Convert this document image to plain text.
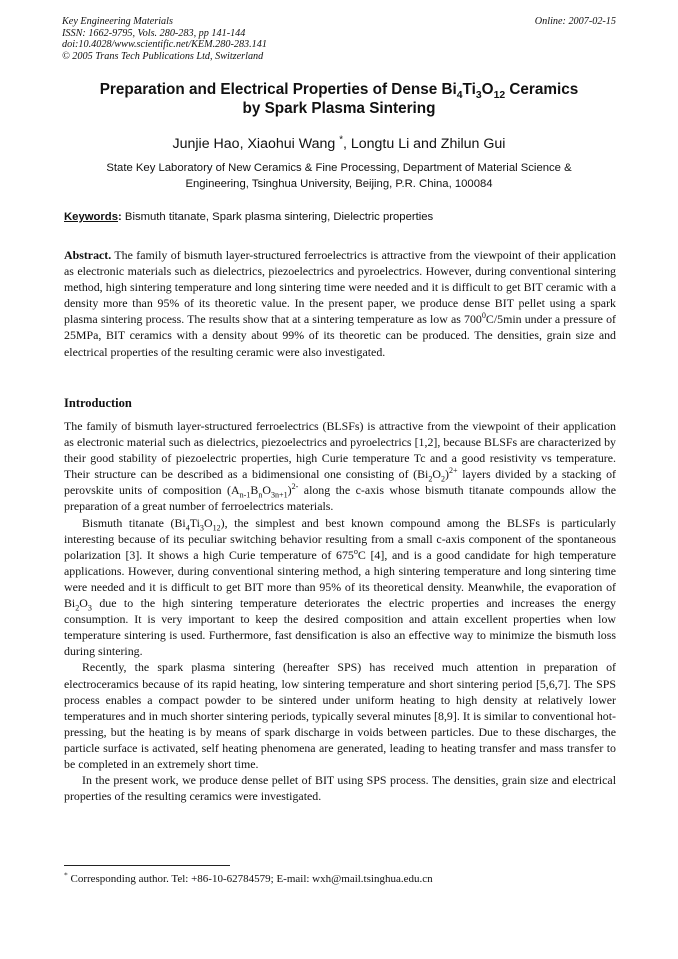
Key Engineering Materials
ISSN: 1662-9795, Vols. 280-283, pp 141-144
doi:10.4028/www.scientific.net/KEM.280-283.141
© 2005 Trans Tech Publications Ltd, Switzerland
Online: 2007-02-15
Preparation and Electrical Properties of Dense $Bi_4Ti_3O_{12}$ Ceramics
by Spark Plasma Sintering
Junjie Hao, Xiaohui Wang *, Longtu Li and Zhilun Gui
State Key Laboratory of New Ceramics & Fine Processing, Department of Material Science &
Engineering, Tsinghua University, Beijing, P.R. China, 100084
Keywords: Bismuth titanate, Spark plasma sintering, Dielectric properties

Abstract. The family of bismuth layer-structured ferroelectrics is attractive from the viewpoint of their application as electronic materials such as dielectrics, piezoelectrics and pyroelectrics. However, during conventional sintering method, high sintering temperature and long sintering time were needed and it is difficult to get BIT ceramic with a density more than 95% of its theoretic value. In the present paper, we produce dense BIT pellet using a spark plasma sintering process. The results show that at a sintering temperature as low as $700^0C/5\min$ under a pressure of 25MPa, BIT ceramics with a density about 99% of its theoretic can be produced. The densities, grain size and electrical properties of the resulting ceramic were also investigated.

Introduction

The family of bismuth layer-structured ferroelectrics (BLSFs) is attractive from the viewpoint of their application as electronic material such as dielectrics, piezoelectrics and pyroelectrics [1,2], because BLSFs are characterized by their good stability of piezoelectric properties, high Curie temperature Tc and a good resistivity vs temperature. Their structure can be described as a bidimensional one consisting of $(Bi_2O_2)^{2+}$ layers divided by a stacking of perovskite units of composition $(A_{n-1}B_nO_{3n+1})^{2-}$ along the c-axis whose bismuth titanate compounds allow the preparation of a great number of ferroelectrics materials.

Bismuth titanate $(Bi_4Ti_3O_{12})$, the simplest and best known compound among the BLSFs is particularly interesting because of its peculiar switching behavior resulting from a small c-axis component of the spontaneous polarization [3]. It shows a high Curie temperature of 675$^o$C [4], and is a good candidate for high temperature applications. However, during conventional sintering method, a high sintering temperature and long sintering time were needed and it is difficult to get BIT more than 95% of its theoretical density. Meanwhile, the evaporation of $Bi_2O_3$ due to the high sintering temperature deteriorates the electric properties and increases the energy consumption. It is very important to keep the desired composition and attain excellent properties when low temperature sintering is used. Furthermore, fast densification is also an effective way to minimize the bismuth loss during sintering.

Recently, the spark plasma sintering (hereafter SPS) has received much attention in preparation of electroceramics because of its rapid heating, low sintering temperature and short sintering period [5,6,7]. The SPS process enables a compact powder to be sintered under uniform heating to high density at relatively lower temperatures and in much shorter sintering periods, typically several minutes [8,9]. It is similar to conventional hot-pressing, but the heating is by means of spark discharge in voids between particles. Due to these discharges, the particle surface is activated, self heating phenomena are generated, leading to heating transfer and mass transfer to be completed in an extremely short time.

In the present work, we produce dense pellet of BIT using SPS process. The densities, grain size and electrical properties of the resulting ceramics were investigated.

* Corresponding author. Tel: +86-10-62784579; E-mail: wxh@mail.tsinghua.edu.cn
